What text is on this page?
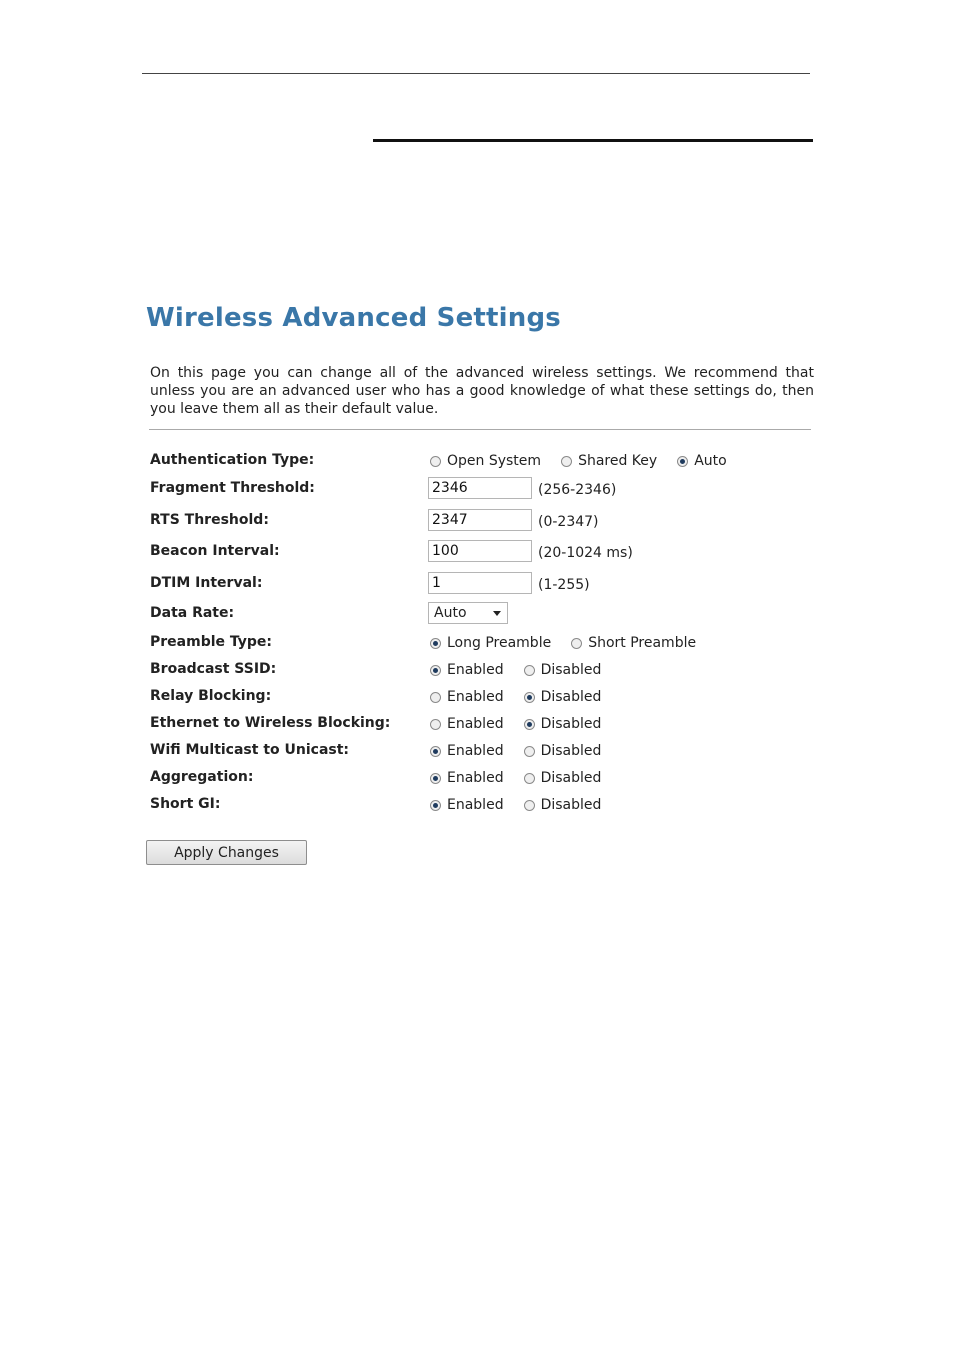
Wireless Advanced Settings
On this page you can change all of the advanced wireless settings. We recommend that unless you are an advanced user who has a good knowledge of what these settings do, then you leave them all as their default value.
Authentication Type:	Open System	Shared Key	Auto
Fragment Threshold:
2346	(256-2346)
RTS Threshold:
2347	(0-2347)
Beacon Interval:
100	(20-1024 ms)
DTIM Interval:
1	(1-255)
Data Rate:	Auto
Preamble Type:	Long Preamble	Short Preamble
Broadcast SSID:	Enabled	Disabled
Relay Blocking:	Enabled	Disabled
Ethernet to Wireless Blocking:	Enabled	Disabled
Wifi Multicast to Unicast:	Enabled	Disabled
Aggregation:	Enabled	Disabled
Short GI:	Enabled	Disabled
Apply Changes
